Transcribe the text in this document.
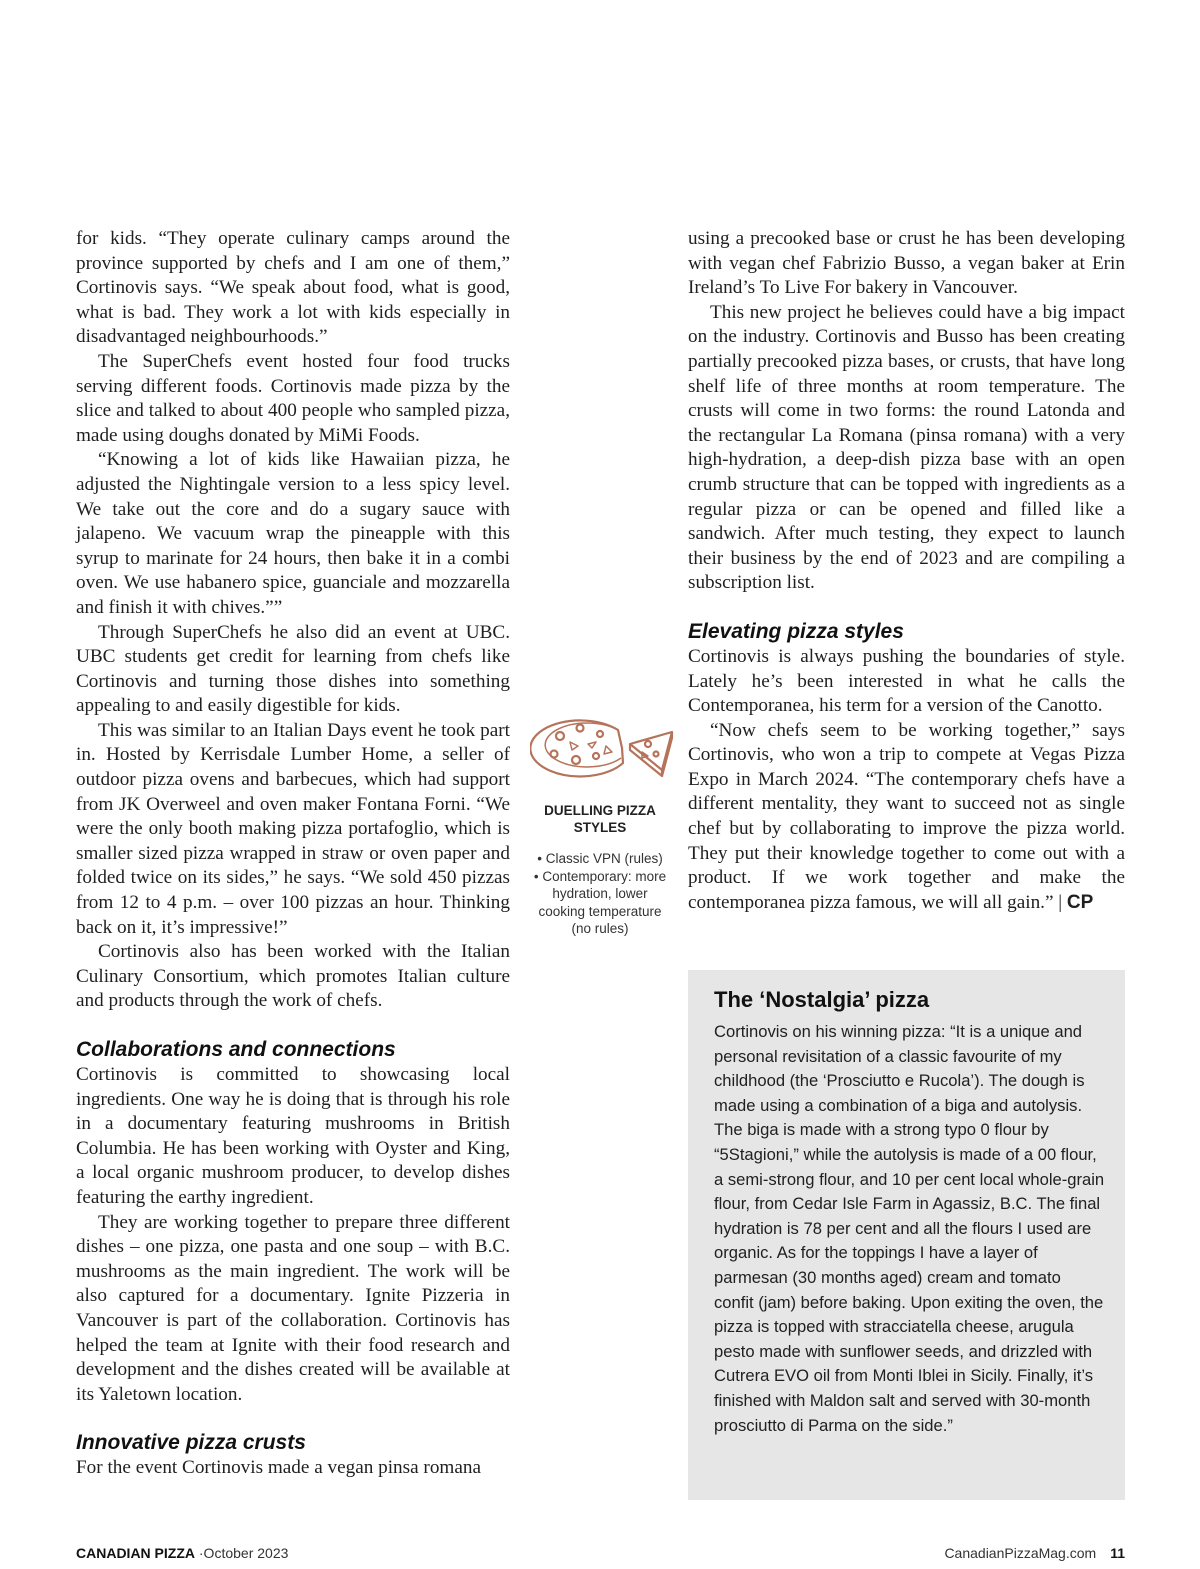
for kids. “They operate culinary camps around the province supported by chefs and I am one of them,” Cortinovis says. “We speak about food, what is good, what is bad. They work a lot with kids especially in disadvantaged neighbourhoods.”

The SuperChefs event hosted four food trucks serving different foods. Cortinovis made pizza by the slice and talked to about 400 people who sampled pizza, made using doughs donated by MiMi Foods.

“Knowing a lot of kids like Hawaiian pizza, he adjusted the Nightingale version to a less spicy level. We take out the core and do a sugary sauce with jalapeno. We vacuum wrap the pineapple with this syrup to marinate for 24 hours, then bake it in a combi oven. We use habanero spice, guanciale and mozzarella and finish it with chives.””

Through SuperChefs he also did an event at UBC. UBC students get credit for learning from chefs like Cortinovis and turning those dishes into something appealing to and easily digestible for kids.

This was similar to an Italian Days event he took part in. Hosted by Kerrisdale Lumber Home, a seller of outdoor pizza ovens and barbecues, which had support from JK Overweel and oven maker Fontana Forni. “We were the only booth making pizza portafoglio, which is smaller sized pizza wrapped in straw or oven paper and folded twice on its sides,” he says. “We sold 450 pizzas from 12 to 4 p.m. – over 100 pizzas an hour. Thinking back on it, it’s impressive!”

Cortinovis also has been worked with the Italian Culinary Consortium, which promotes Italian culture and products through the work of chefs.

Collaborations and connections

Cortinovis is committed to showcasing local ingredients. One way he is doing that is through his role in a documentary featuring mushrooms in British Columbia. He has been working with Oyster and King, a local organic mushroom producer, to develop dishes featuring the earthy ingredient.

They are working together to prepare three different dishes – one pizza, one pasta and one soup – with B.C. mushrooms as the main ingredient. The work will be also captured for a documentary. Ignite Pizzeria in Vancouver is part of the collaboration. Cortinovis has helped the team at Ignite with their food research and development and the dishes created will be available at its Yaletown location.

Innovative pizza crusts

For the event Cortinovis made a vegan pinsa romana

DUELLING PIZZA STYLES
• Classic VPN (rules)
• Contemporary: more hydration, lower cooking temperature (no rules)

using a precooked base or crust he has been developing with vegan chef Fabrizio Busso, a vegan baker at Erin Ireland’s To Live For bakery in Vancouver.

This new project he believes could have a big impact on the industry. Cortinovis and Busso has been creating partially precooked pizza bases, or crusts, that have long shelf life of three months at room temperature. The crusts will come in two forms: the round Latonda and the rectangular La Romana (pinsa romana) with a very high-hydration, a deep-dish pizza base with an open crumb structure that can be topped with ingredients as a regular pizza or can be opened and filled like a sandwich. After much testing, they expect to launch their business by the end of 2023 and are compiling a subscription list.

Elevating pizza styles

Cortinovis is always pushing the boundaries of style. Lately he’s been interested in what he calls the Contemporanea, his term for a version of the Canotto.

“Now chefs seem to be working together,” says Cortinovis, who won a trip to compete at Vegas Pizza Expo in March 2024. “The contemporary chefs have a different mentality, they want to succeed not as single chef but by collaborating to improve the pizza world. They put their knowledge together to come out with a product. If we work together and make the contemporanea pizza famous, we will all gain.” | CP

The ‘Nostalgia’ pizza

Cortinovis on his winning pizza: “It is a unique and personal revisitation of a classic favourite of my childhood (the ‘Prosciutto e Rucola’). The dough is made using a combination of a biga and autolysis. The biga is made with a strong typo 0 flour by “5Stagioni,” while the autolysis is made of a 00 flour, a semi-strong flour, and 10 per cent local whole-grain flour, from Cedar Isle Farm in Agassiz, B.C. The final hydration is 78 per cent and all the flours I used are organic. As for the toppings I have a layer of parmesan (30 months aged) cream and tomato confit (jam) before baking. Upon exiting the oven, the pizza is topped with stracciatella cheese, arugula pesto made with sunflower seeds, and drizzled with Cutrera EVO oil from Monti Iblei in Sicily. Finally, it’s finished with Maldon salt and served with 30-month prosciutto di Parma on the side.”

CANADIAN PIZZA ·October 2023	CanadianPizzaMag.com 11
